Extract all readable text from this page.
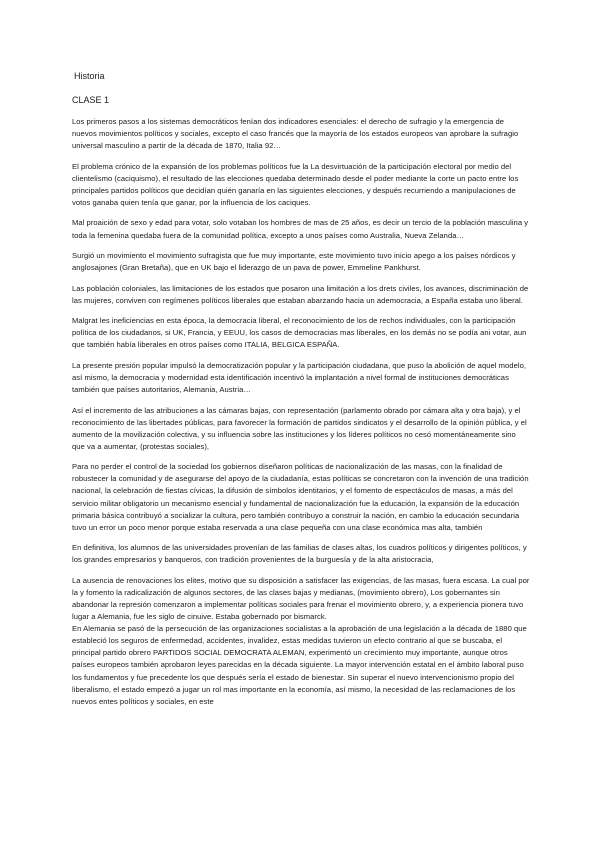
Historia
CLASE 1

Los primeros pasos a los sistemas democráticos fenían dos indicadores esenciales: el derecho de sufragio y la emergencia de nuevos movimientos políticos y sociales, excepto el caso francés que la mayoría de los estados europeos van aprobare la sufragio universal masculino a partir de la década de 1870, Italia 92…

El problema crónico de la expansión de los problemas políticos fue la La desvirtuación de la participación electoral por medio del clientelismo (caciquismo), el resultado de las elecciones quedaba determinado desde el poder mediante la corte un pacto entre los principales partidos políticos que decidían quién ganaría en las siguientes elecciones, y después recurriendo a manipulaciones de votos ganaba quien tenía que ganar, por la influencia de los caciques.

Mal proaición de sexo y edad para votar, solo votaban los hombres de mas de 25 años, es decir un tercio de la población masculina y toda la femenina quedaba fuera de la comunidad política, excepto a unos países como Australia, Nueva Zelanda…

Surgió un movimiento el movimiento sufragista que fue muy importante, este movimiento tuvo inicio apego a los países nórdicos y anglosajones (Gran Bretaña), que en UK bajo el liderazgo de un pava de power, Emmeline Pankhurst.

Las población coloniales, las limitaciones de los estados que posaron una limitación a los drets civiles, los avances, discriminación de las mujeres, conviven con regímenes políticos liberales que estaban abarzando hacia un ademocracia, a España estaba uno liberal.

Malgrat les ineficiencias en esta época, la democracia liberal, el reconocimiento de los de rechos individuales, con la participación política de los ciudadanos, si UK, Francia, y EEUU, los casos de democracias mas liberales, en los demás no se podía ani votar, aun que también había liberales en otros países como ITALIA, BELGICA ESPAÑA.

La presente presión popular impulsó la democratización popular y la participación ciudadana, que puso la abolición de aquel modelo, así mismo, la democracia y modernidad esta identificación incentivó la implantación a nivel formal de instituciones democráticas también que países autoritarios, Alemania, Austria…

Así el incremento de las atribuciones a las cámaras bajas, con representación (parlamento obrado por cámara alta y otra baja), y el reconocimiento de las libertades públicas, para favorecer la formación de partidos sindicatos y el desarrollo de la opinión pública, y el aumento de la movilización colectiva, y su influencia sobre las instituciones y los líderes políticos no cesó momentáneamente sino que va a aumentar, (protestas sociales),

Para no perder el control de la sociedad los gobiernos diseñaron políticas de nacionalización de las masas, con la finalidad de robustecer la comunidad y de asegurarse del apoyo de la ciudadanía, estas políticas se concretaron con la invención de una tradición nacional, la celebración de fiestas cívicas, la difusión de símbolos identitarios, y el fomento de espectáculos de masas, a más del servicio militar obligatorio un mecanismo esencial y fundamental de nacionalización fue la educación, la expansión de la educación primaria básica contribuyó a socializar la cultura, pero también contribuyo a construir la nación, en cambio la educación secundaria tuvo un error un poco menor porque estaba reservada a una clase pequeña con una clase económica mas alta, también

En definitiva, los alumnos de las universidades provenían de las familias de clases altas, los cuadros políticos y dirigentes políticos, y los grandes empresarios y banqueros, con tradición provenientes de la burguesía y de la alta aristocracia,

La ausencia de renovaciones los elites, motivo que su disposición a satisfacer las exigencias, de las masas, fuera escasa. La cual por la y fomento la radicalización de algunos sectores, de las clases bajas y medianas, (movimiento obrero), Los gobernantes sin abandonar la represión comenzaron a implementar políticas sociales para frenar el movimiento obrero, y, a experiencia pionera tuvo lugar a Alemania, fue les siglo de cinuive. Estaba gobernado por bismarck.

En Alemania se pasó de la persecución de las organizaciones socialistas a la aprobación de una legislación a la década de 1880 que estableció los seguros de enfermedad, accidentes, invalidez, estas medidas tuvieron un efecto contrario al que se buscaba, el principal partido obrero PARTIDOS SOCIAL DEMOCRATA ALEMAN, experimentó un crecimiento muy importante, aunque otros países europeos también aprobaron leyes parecidas en la década siguiente. La mayor intervención estatal en el ámbito laboral puso los fundamentos y fue precedente los que después sería el estado de bienestar. Sin superar el nuevo intervencionismo propio del liberalismo, el estado empezó a jugar un rol mas importante en la economía, así mismo, la necesidad de las reclamaciones de los nuevos entes políticos y sociales, en este
